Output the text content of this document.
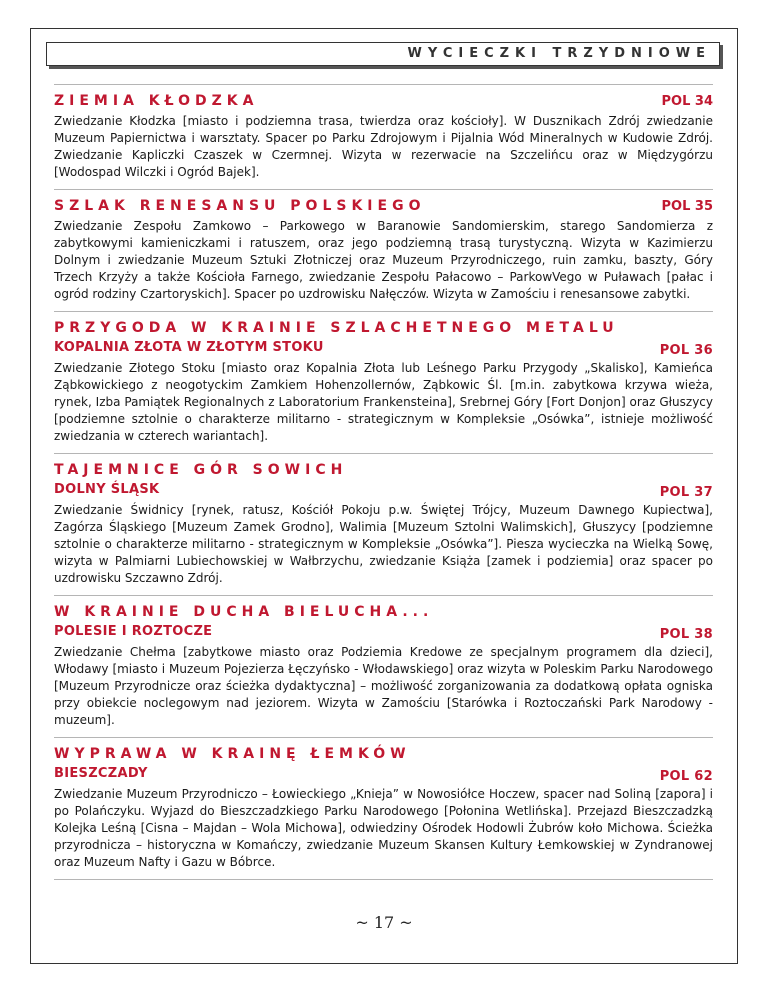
WYCIECZKI TRZYDNIOWE
ZIEMIA KŁODZKA	POL 34

Zwiedzanie Kłodzka [miasto i podziemna trasa, twierdza oraz kościoły]. W Dusznikach Zdrój zwiedzanie Muzeum Papiernictwa i warsztaty. Spacer po Parku Zdrojowym i Pijalnia Wód Mineralnych w Kudowie Zdrój. Zwiedzanie Kapliczki Czaszek w Czermnej. Wizyta w rezerwacie na Szczelińcu oraz w Międzygórzu [Wodospad Wilczki i Ogród Bajek].

SZLAK RENESANSU POLSKIEGO	POL 35

Zwiedzanie Zespołu Zamkowo – Parkowego w Baranowie Sandomierskim, starego Sandomierza z zabytkowymi kamieniczkami i ratuszem, oraz jego podziemną trasą turystyczną. Wizyta w Kazimierzu Dolnym i zwiedzanie Muzeum Sztuki Złotniczej oraz Muzeum Przyrodniczego, ruin zamku, baszty, Góry Trzech Krzyży a także Kościoła Farnego, zwiedzanie Zespołu Pałacowo – ParkowVego w Puławach [pałac i ogród rodziny Czartoryskich]. Spacer po uzdrowisku Nałęczów. Wizyta w Zamościu i renesansowe zabytki.

PRZYGODA W KRAINIE SZLACHETNEGO METALU
KOPALNIA ZŁOTA W ZŁOTYM STOKU	POL 36

Zwiedzanie Złotego Stoku [miasto oraz Kopalnia Złota lub Leśnego Parku Przygody „Skalisko], Kamieńca Ząbkowickiego z neogotyckim Zamkiem Hohenzollernów, Ząbkowic Śl. [m.in. zabytkowa krzywa wieża, rynek, Izba Pamiątek Regionalnych z Laboratorium Frankensteina], Srebrnej Góry [Fort Donjon] oraz Głuszycy [podziemne sztolnie o charakterze militarno - strategicznym w Kompleksie „Osówka”, istnieje możliwość zwiedzania w czterech wariantach].

TAJEMNICE GÓR SOWICH
DOLNY ŚLĄSK	POL 37

Zwiedzanie Świdnicy [rynek, ratusz, Kościół Pokoju p.w. Świętej Trójcy, Muzeum Dawnego Kupiectwa], Zagórza Śląskiego [Muzeum Zamek Grodno], Walimia [Muzeum Sztolni Walimskich], Głuszycy [podziemne sztolnie o charakterze militarno - strategicznym w Kompleksie „Osówka”]. Piesza wycieczka na Wielką Sowę, wizyta w Palmiarni Lubiechowskiej w Wałbrzychu, zwiedzanie Książa [zamek i podziemia] oraz spacer po uzdrowisku Szczawno Zdrój.

W KRAINIE DUCHA BIELUCHA...
POLESIE I ROZTOCZE	POL 38

Zwiedzanie Chełma [zabytkowe miasto oraz Podziemia Kredowe ze specjalnym programem dla dzieci], Włodawy [miasto i Muzeum Pojezierza Łęczyńsko - Włodawskiego] oraz wizyta w Poleskim Parku Narodowego [Muzeum Przyrodnicze oraz ścieżka dydaktyczna] – możliwość zorganizowania za dodatkową opłata ogniska przy obiekcie noclegowym nad jeziorem. Wizyta w Zamościu [Starówka i Roztoczański Park Narodowy - muzeum].

WYPRAWA W KRAINĘ ŁEMKÓW
BIESZCZADY	POL 62

Zwiedzanie Muzeum Przyrodniczo – Łowieckiego „Knieja” w Nowosiółce Hoczew, spacer nad Soliną [zapora] i po Polańczyku. Wyjazd do Bieszczadzkiego Parku Narodowego [Połonina Wetlińska]. Przejazd Bieszczadzką Kolejka Leśną [Cisna – Majdan – Wola Michowa], odwiedziny Ośrodek Hodowli Żubrów koło Michowa. Ścieżka przyrodnicza – historyczna w Komańczy, zwiedzanie Muzeum Skansen Kultury Łemkowskiej w Zyndranowej oraz Muzeum Nafty i Gazu w Bóbrce.

~ 17 ~
